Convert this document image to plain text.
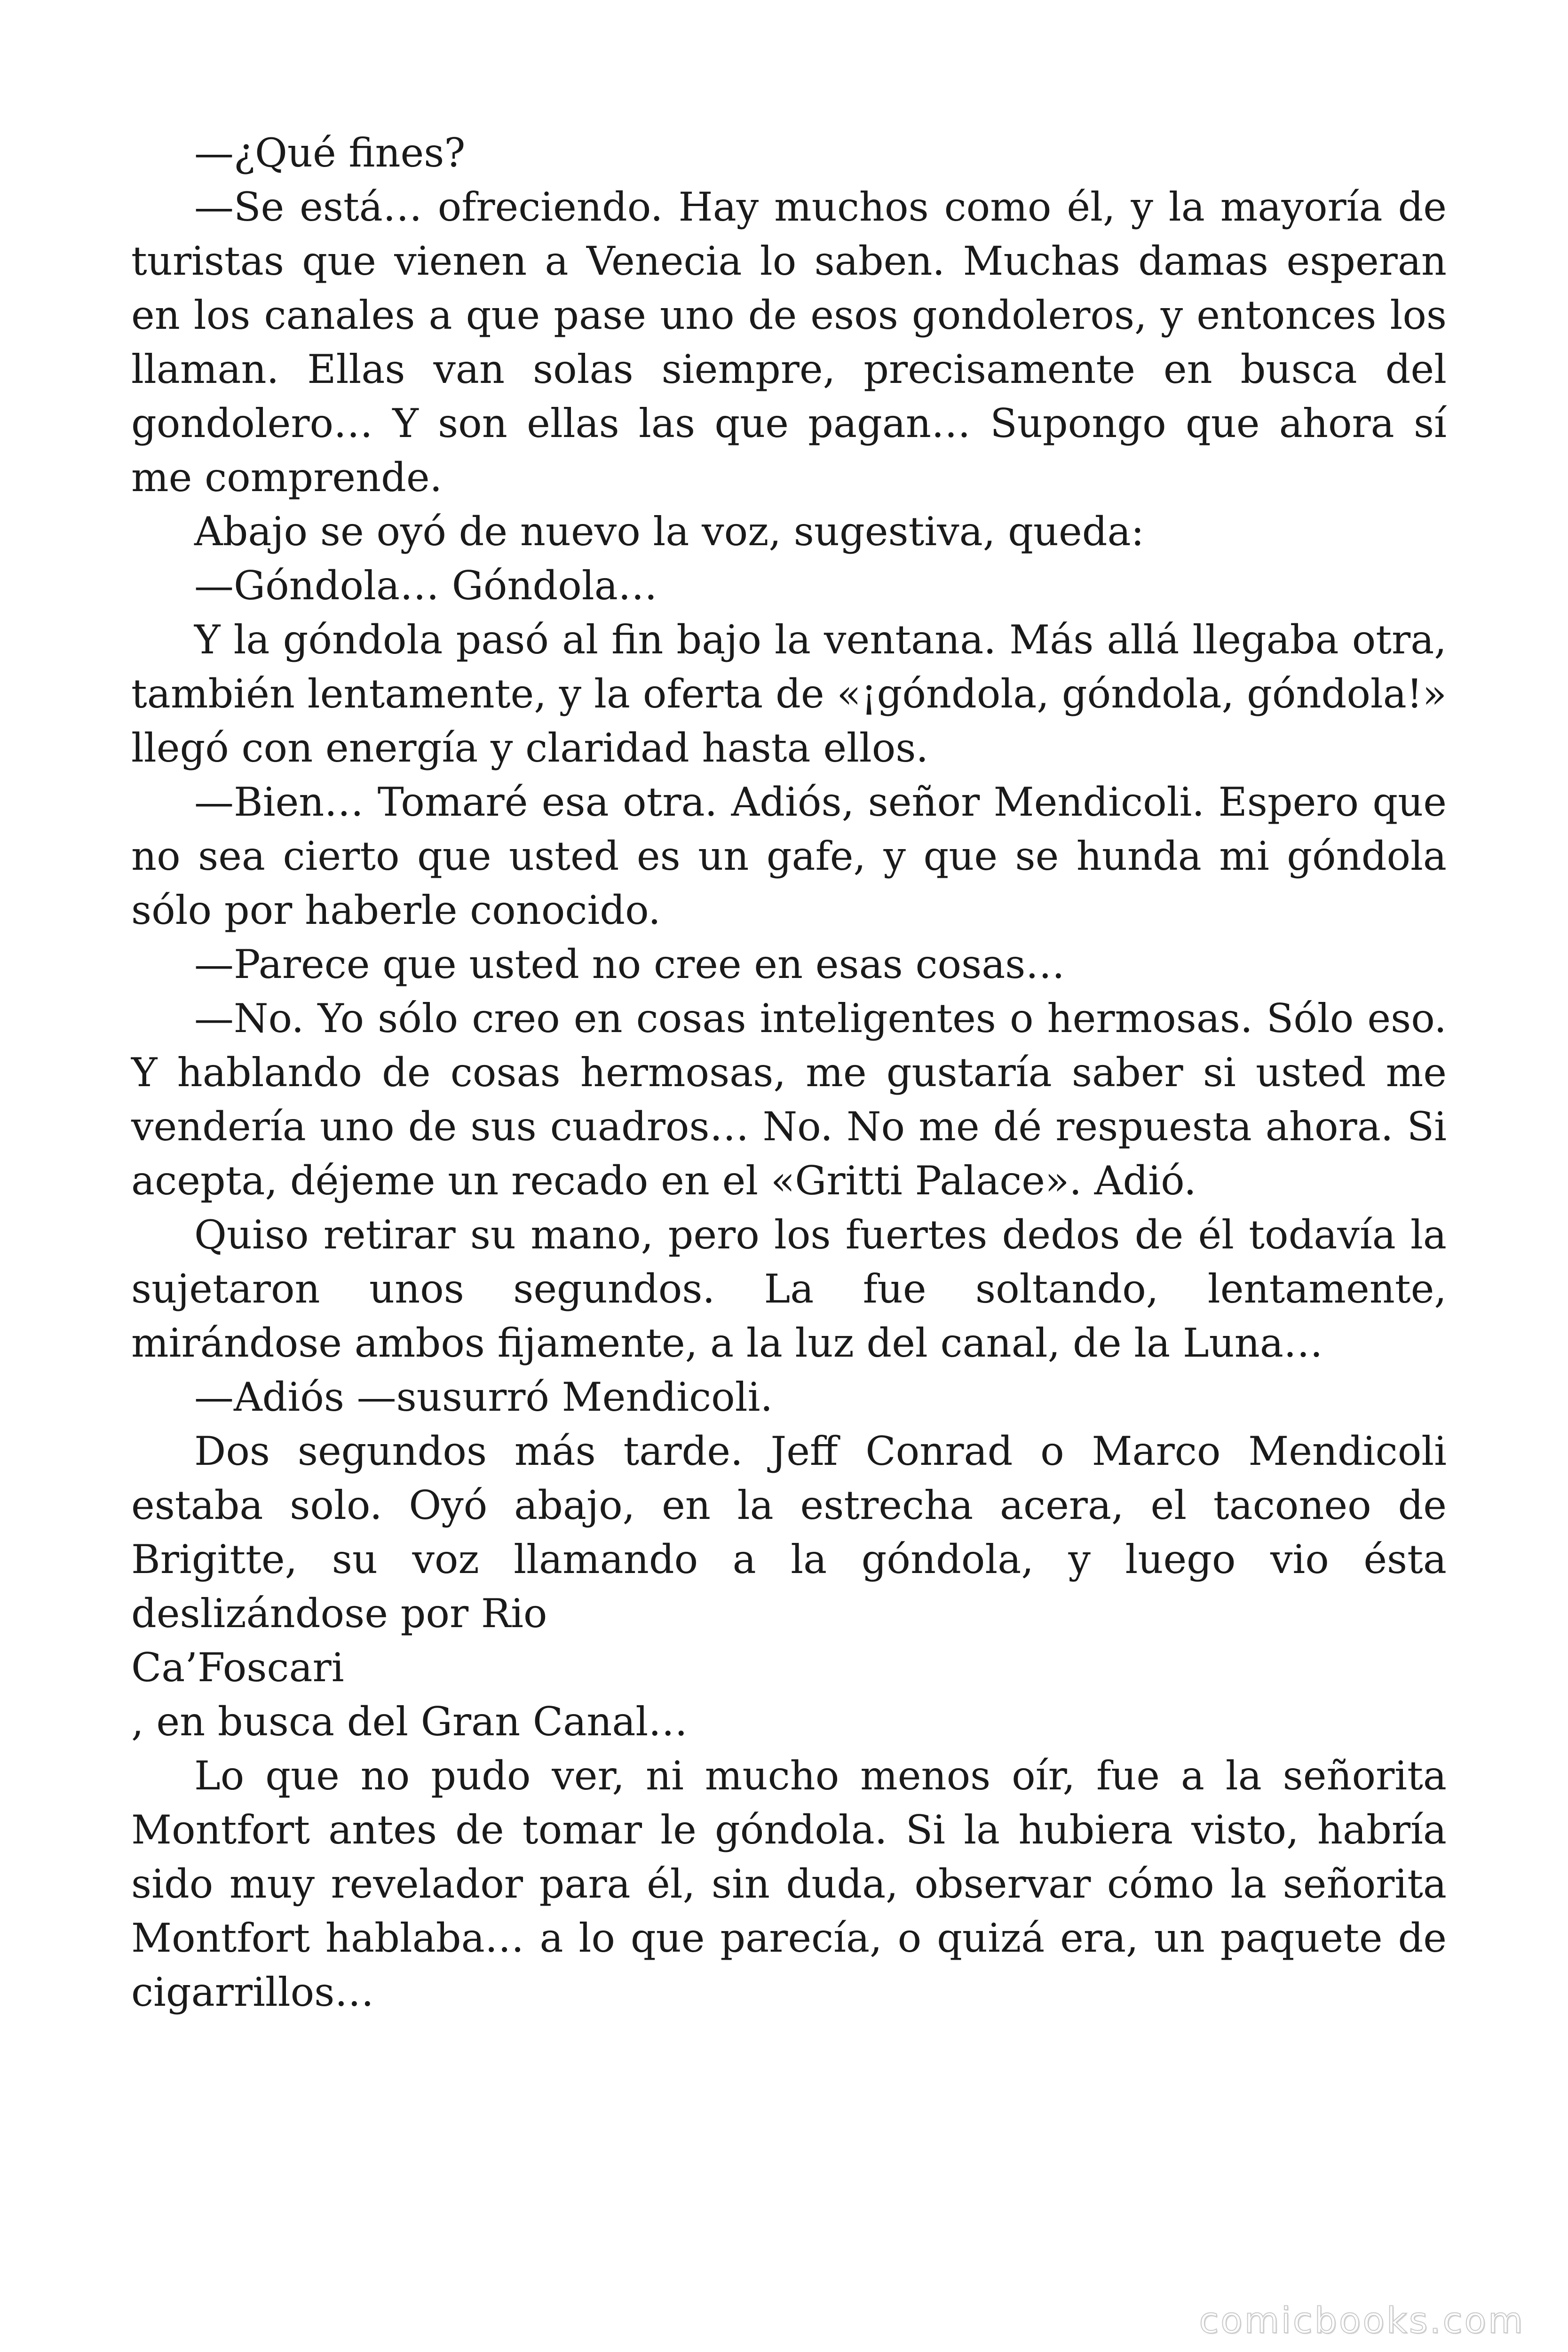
—¿Qué fines?

—Se está… ofreciendo. Hay muchos como él, y la mayoría de turistas que vienen a Venecia lo saben. Muchas damas esperan en los canales a que pase uno de esos gondoleros, y entonces los llaman. Ellas van solas siempre, precisamente en busca del gondolero… Y son ellas las que pagan… Supongo que ahora sí me comprende.

Abajo se oyó de nuevo la voz, sugestiva, queda:

—Góndola… Góndola…

Y la góndola pasó al fin bajo la ventana. Más allá llegaba otra, también lentamente, y la oferta de «¡góndola, góndola, góndola!» llegó con energía y claridad hasta ellos.

—Bien… Tomaré esa otra. Adiós, señor Mendicoli. Espero que no sea cierto que usted es un gafe, y que se hunda mi góndola sólo por haberle conocido.

—Parece que usted no cree en esas cosas…

—No. Yo sólo creo en cosas inteligentes o hermosas. Sólo eso. Y hablando de cosas hermosas, me gustaría saber si usted me vendería uno de sus cuadros… No. No me dé respuesta ahora. Si acepta, déjeme un recado en el «Gritti Palace». Adió.

Quiso retirar su mano, pero los fuertes dedos de él todavía la sujetaron unos segundos. La fue soltando, lentamente, mirándose ambos fijamente, a la luz del canal, de la Luna…

—Adiós —susurró Mendicoli.

Dos segundos más tarde. Jeff Conrad o Marco Mendicoli estaba solo. Oyó abajo, en la estrecha acera, el taconeo de Brigitte, su voz llamando a la góndola, y luego vio ésta deslizándose por Rio

Ca’Foscari

, en busca del Gran Canal…

Lo que no pudo ver, ni mucho menos oír, fue a la señorita Montfort antes de tomar le góndola. Si la hubiera visto, habría sido muy revelador para él, sin duda, observar cómo la señorita Montfort hablaba… a lo que parecía, o quizá era, un paquete de cigarrillos…

comicbooks.com
